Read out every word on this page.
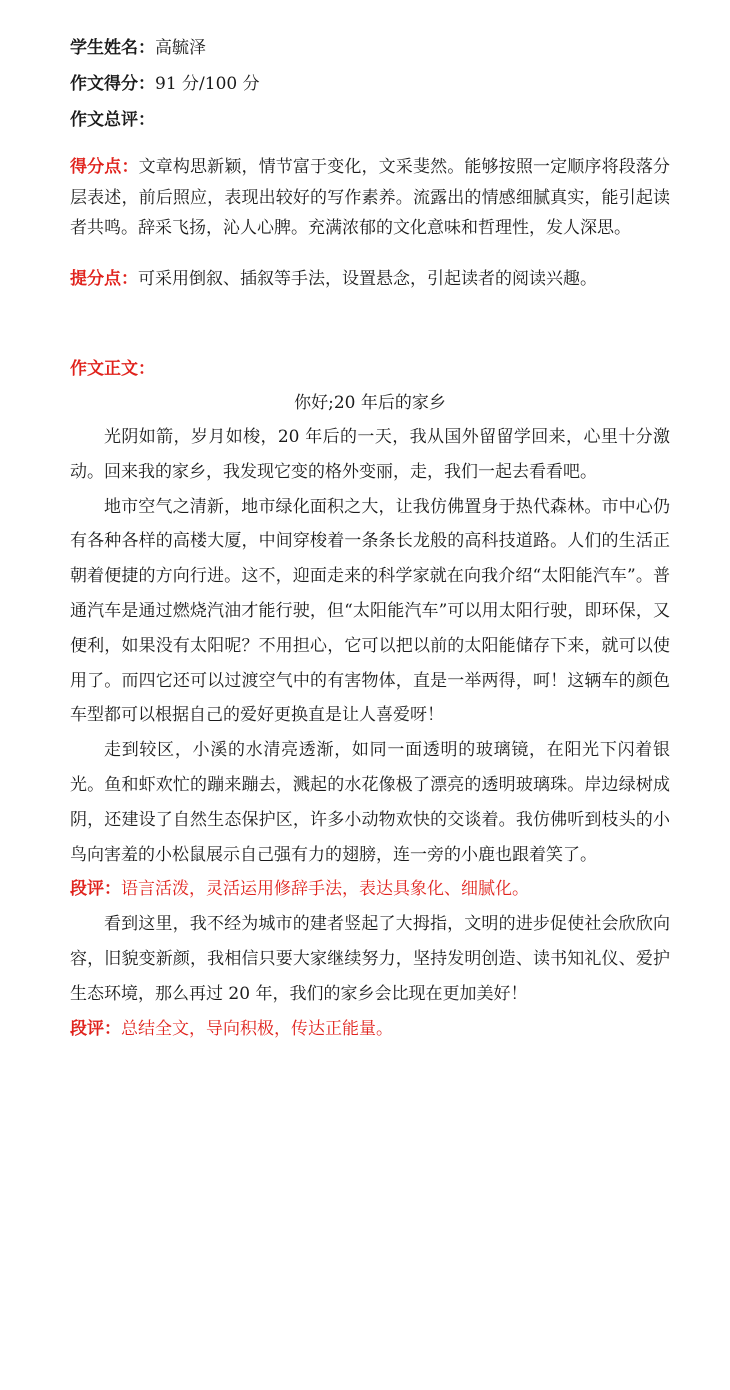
学生姓名：高毓泽
作文得分：91 分/100 分
作文总评：
得分点：文章构思新颖，情节富于变化，文采斐然。能够按照一定顺序将段落分层表述，前后照应，表现出较好的写作素养。流露出的情感细腻真实，能引起读者共鸣。辞采飞扬，沁人心脾。充满浓郁的文化意味和哲理性，发人深思。
提分点：可采用倒叙、插叙等手法，设置悬念，引起读者的阅读兴趣。
作文正文：

你好;20 年后的家乡

光阴如箭，岁月如梭，20 年后的一天，我从国外留留学回来，心里十分激动。回来我的家乡，我发现它变的格外变丽，走，我们一起去看看吧。

地市空气之清新，地市绿化面积之大，让我仿佛置身于热代森林。市中心仍有各种各样的高楼大厦，中间穿梭着一条条长龙般的高科技道路。人们的生活正朝着便捷的方向行进。这不，迎面走来的科学家就在向我介绍“太阳能汽车”。普通汽车是通过燃烧汽油才能行驶，但“太阳能汽车”可以用太阳行驶，即环保，又便利，如果没有太阳呢？不用担心，它可以把以前的太阳能储存下来，就可以使用了。而四它还可以过渡空气中的有害物体，直是一举两得，呵！这辆车的颜色车型都可以根据自己的爱好更换直是让人喜爱呀！

走到较区，小溪的水清亮透渐，如同一面透明的玻璃镜，在阳光下闪着银光。鱼和虾欢忙的蹦来蹦去，溅起的水花像极了漂亮的透明玻璃珠。岸边绿树成阴，还建设了自然生态保护区，许多小动物欢快的交谈着。我仿佛听到枝头的小鸟向害羞的小松鼠展示自己强有力的翅膀，连一旁的小鹿也跟着笑了。

段评：语言活泼，灵活运用修辞手法，表达具象化、细腻化。

看到这里，我不经为城市的建者竖起了大拇指，文明的进步促使社会欣欣向容，旧貌变新颜，我相信只要大家继续努力，坚持发明创造、读书知礼仪、爱护生态环境，那么再过 20 年，我们的家乡会比现在更加美好！

段评：总结全文，导向积极，传达正能量。
